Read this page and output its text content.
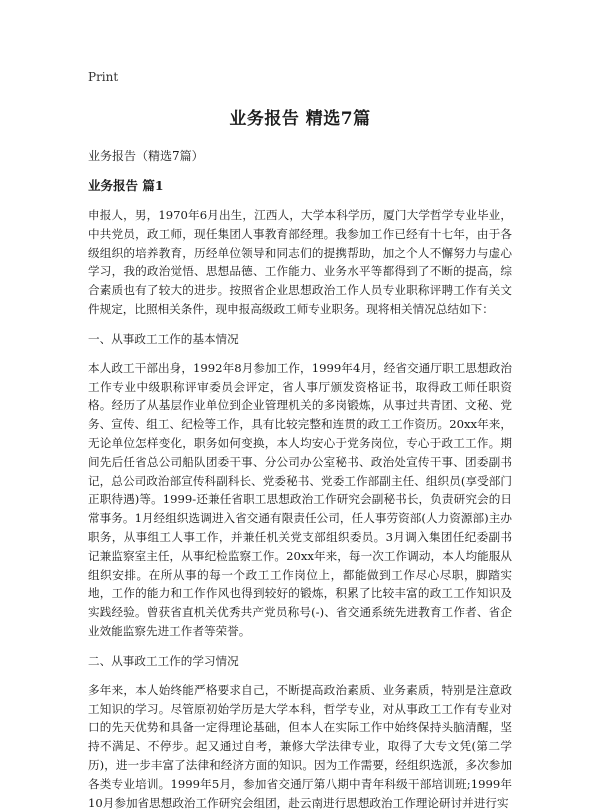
Print
业务报告 精选7篇
业务报告（精选7篇）
业务报告 篇1

申报人，男，1970年6月出生，江西人，大学本科学历，厦门大学哲学专业毕业，中共党员，政工师，现任集团人事教育部经理。我参加工作已经有十七年，由于各级组织的培养教育，历经单位领导和同志们的提携帮助，加之个人不懈努力与虚心学习，我的政治觉悟、思想品德、工作能力、业务水平等都得到了不断的提高，综合素质也有了较大的进步。按照省企业思想政治工作人员专业职称评聘工作有关文件规定，比照相关条件，现申报高级政工师专业职务。现将相关情况总结如下：

一、从事政工工作的基本情况

本人政工干部出身，1992年8月参加工作，1999年4月，经省交通厅职工思想政治工作专业中级职称评审委员会评定，省人事厅颁发资格证书，取得政工师任职资格。经历了从基层作业单位到企业管理机关的多岗锻炼，从事过共青团、文秘、党务、宣传、组工、纪检等工作，具有比较完整和连贯的政工工作资历。20xx年来，无论单位怎样变化，职务如何变换，本人均安心于党务岗位，专心于政工工作。期间先后任省总公司船队团委干事、分公司办公室秘书、政治处宣传干事、团委副书记，总公司政治部宣传科副科长、党委秘书、党委工作部副主任、组织员(享受部门正职待遇)等。1999-还兼任省职工思想政治工作研究会副秘书长，负责研究会的日常事务。1月经组织选调进入省交通有限责任公司，任人事劳资部(人力资源部)主办职务，从事组工人事工作，并兼任机关党支部组织委员。3月调入集团任纪委副书记兼监察室主任，从事纪检监察工作。20xx年来，每一次工作调动，本人均能服从组织安排。在所从事的每一个政工工作岗位上，都能做到工作尽心尽职，脚踏实地，工作的能力和工作作风也得到较好的锻炼，积累了比较丰富的政工工作知识及实践经验。曾获省直机关优秀共产党员称号(-)、省交通系统先进教育工作者、省企业效能监察先进工作者等荣誉。

二、从事政工工作的学习情况

多年来，本人始终能严格要求自己，不断提高政治素质、业务素质，特别是注意政工知识的学习。尽管原初始学历是大学本科，哲学专业，对从事政工工作有专业对口的先天优势和具备一定得理论基础，但本人在实际工作中始终保持头脑清醒，坚持不满足、不停步。起又通过自考，兼修大学法律专业，取得了大专文凭(第二学历)，进一步丰富了法律和经济方面的知识。因为工作需要，经组织选派，多次参加各类专业培训。1999年5月，参加省交通厅第八期中青年科级干部培训班;1999年10月参加省思想政治工作研究会组团，赴云南进行思想政治工作理论研讨并进行实
